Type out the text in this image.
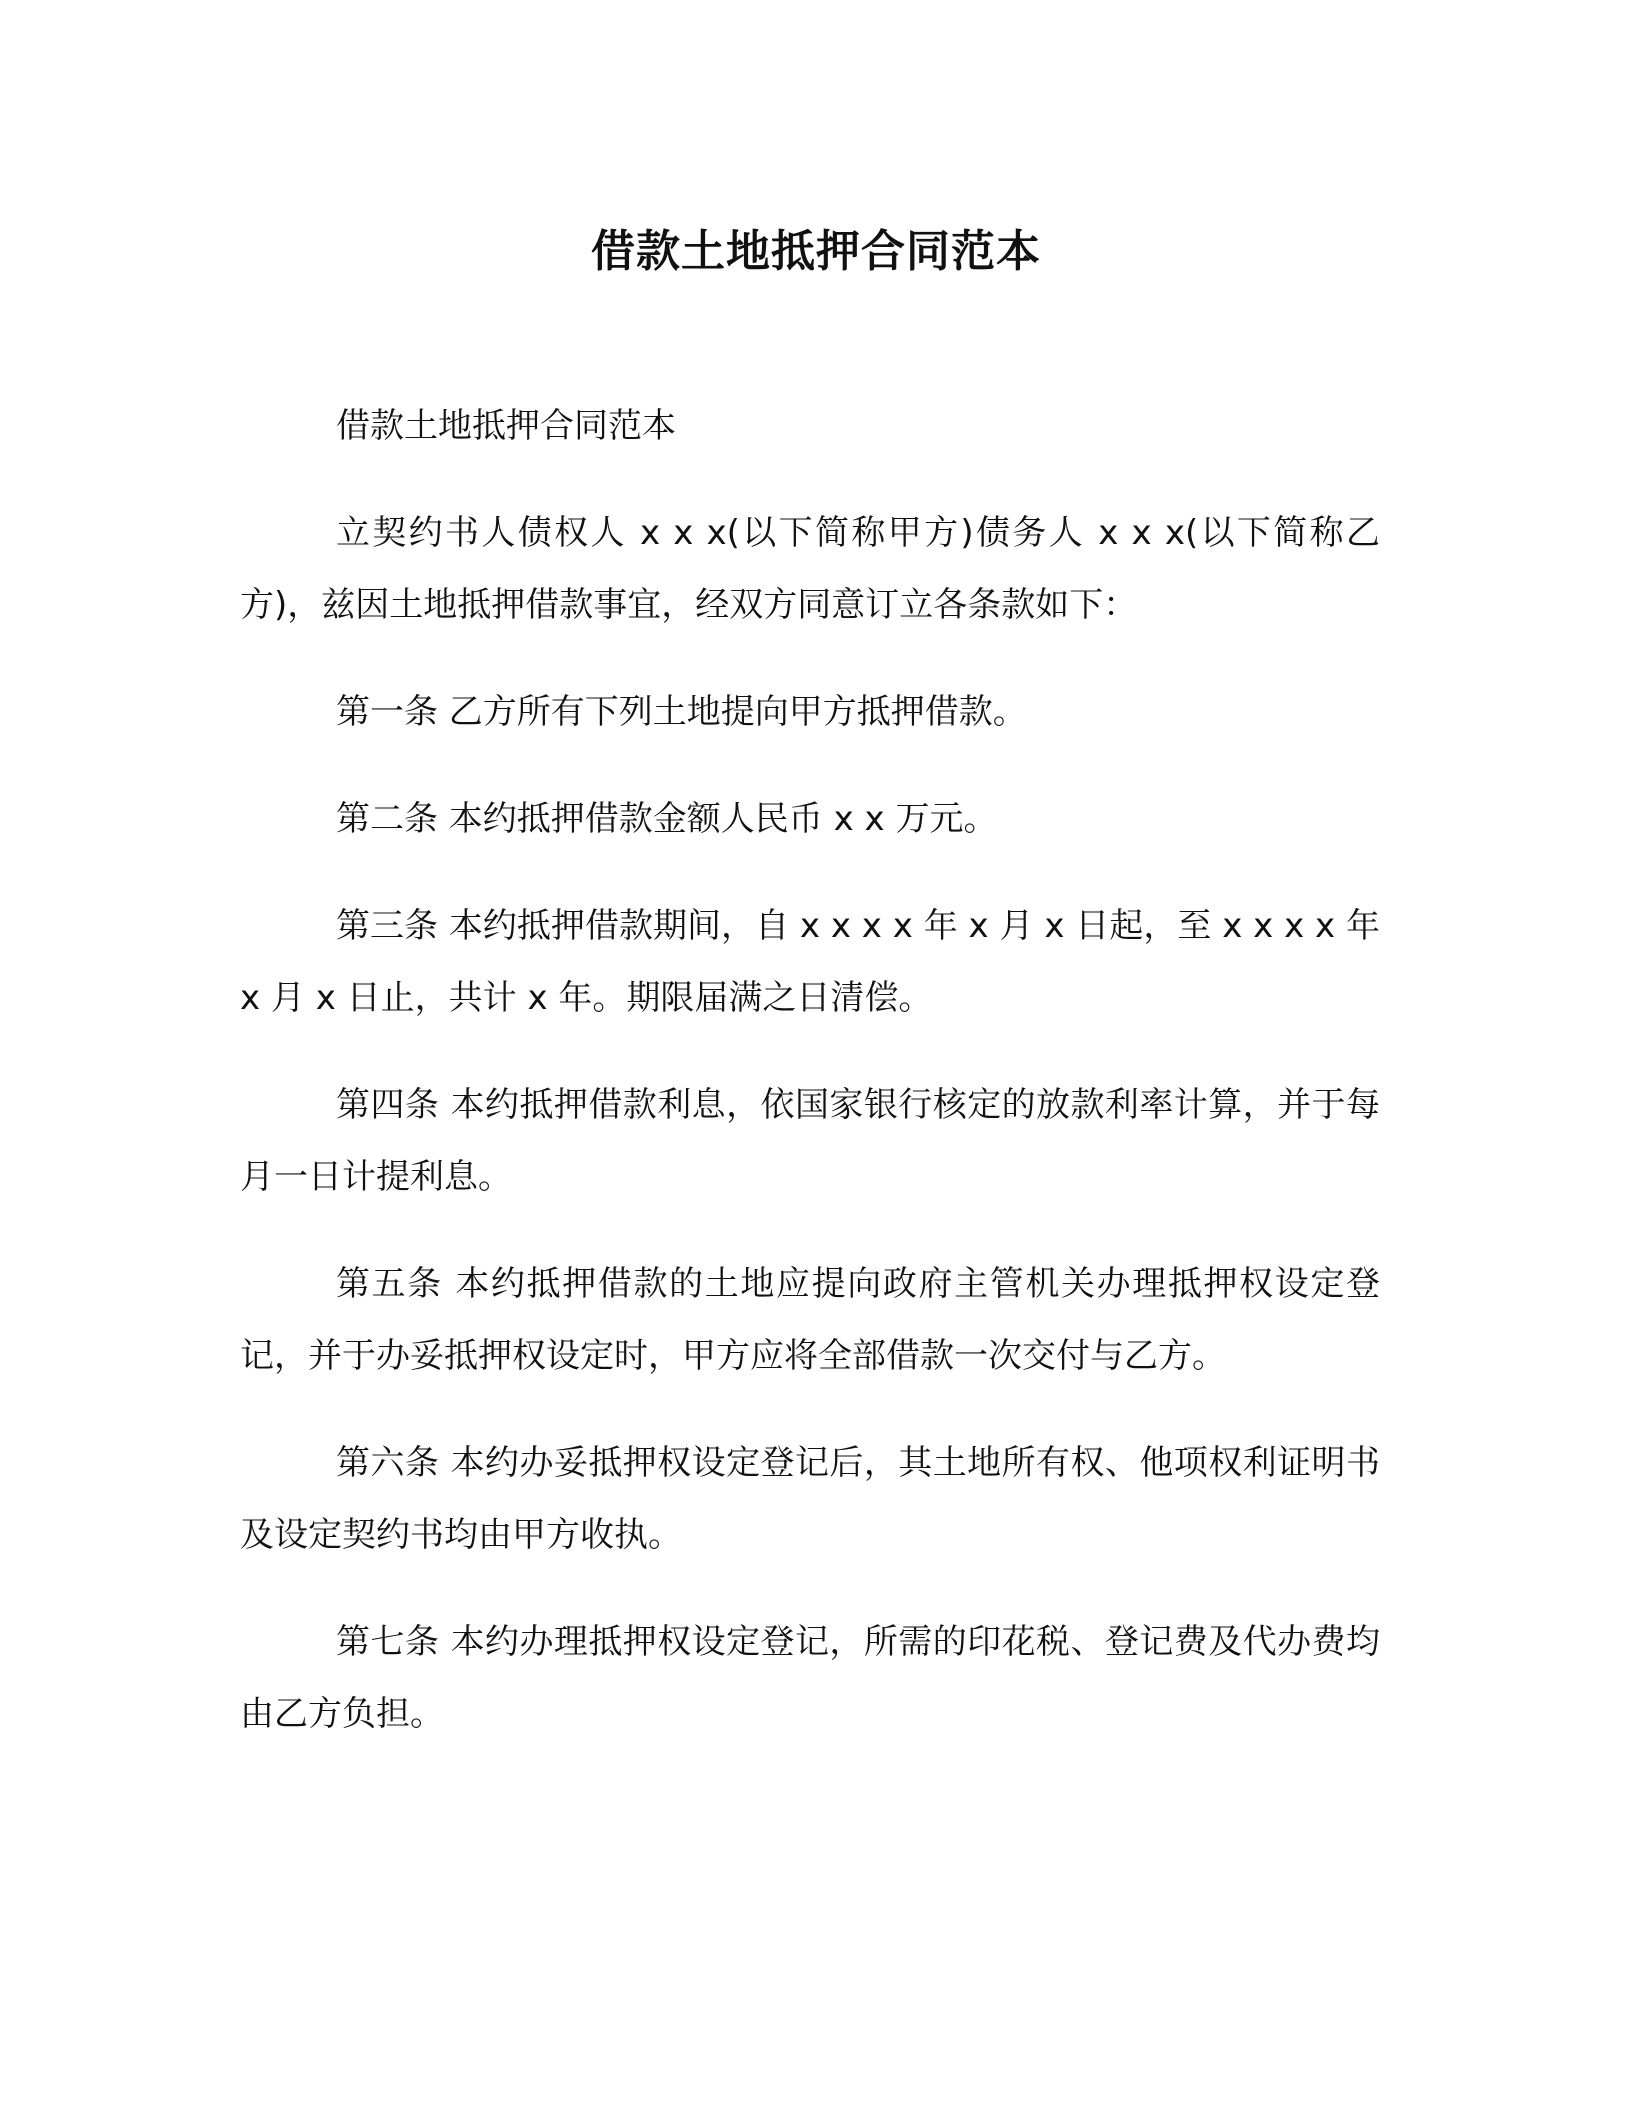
借款土地抵押合同范本

借款土地抵押合同范本

立契约书人债权人 x x x(以下简称甲方)债务人 x x x(以下简称乙方)，兹因土地抵押借款事宜，经双方同意订立各条款如下：

第一条 乙方所有下列土地提向甲方抵押借款。

第二条 本约抵押借款金额人民币 x x 万元。

第三条 本约抵押借款期间，自 x x x x 年 x 月 x 日起，至 x x x x 年 x 月 x 日止，共计 x 年。期限届满之日清偿。

第四条 本约抵押借款利息，依国家银行核定的放款利率计算，并于每月一日计提利息。

第五条 本约抵押借款的土地应提向政府主管机关办理抵押权设定登记，并于办妥抵押权设定时，甲方应将全部借款一次交付与乙方。

第六条 本约办妥抵押权设定登记后，其土地所有权、他项权利证明书及设定契约书均由甲方收执。

第七条 本约办理抵押权设定登记，所需的印花税、登记费及代办费均由乙方负担。
